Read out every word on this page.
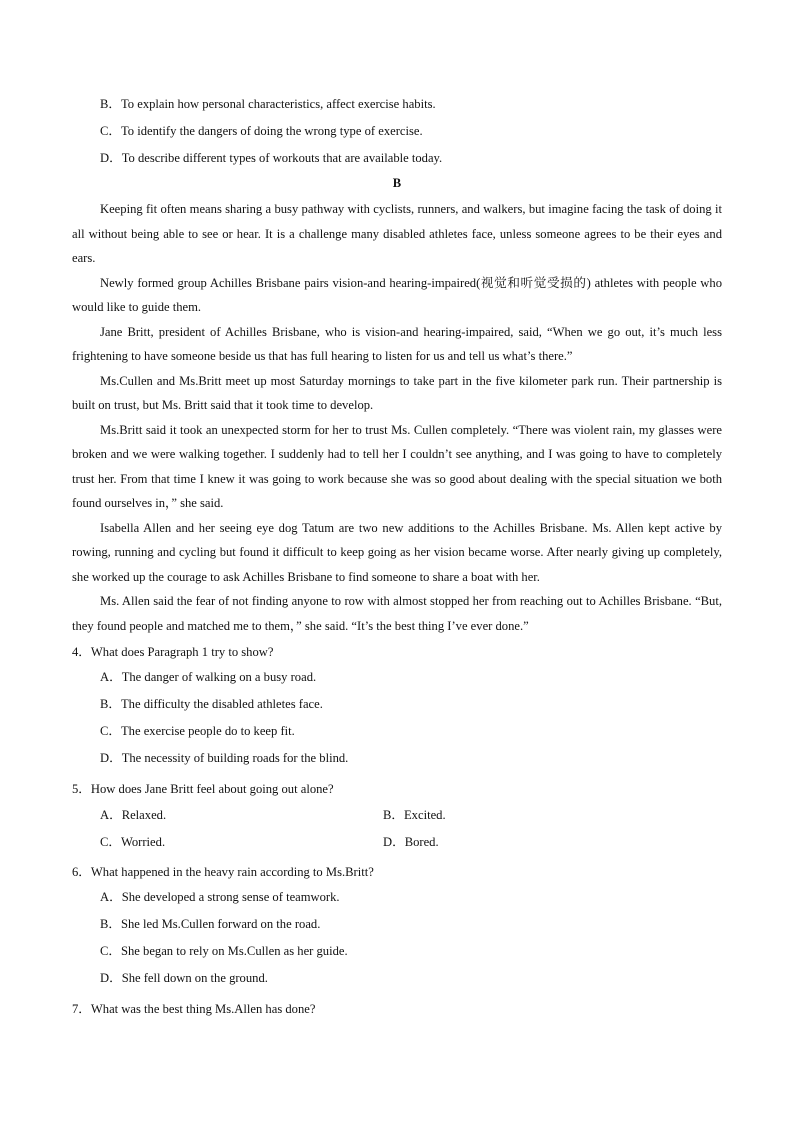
B．To explain how personal characteristics, affect exercise habits.
C．To identify the dangers of doing the wrong type of exercise.
D．To describe different types of workouts that are available today.
B

Keeping fit often means sharing a busy pathway with cyclists, runners, and walkers, but imagine facing the task of doing it all without being able to see or hear. It is a challenge many disabled athletes face, unless someone agrees to be their eyes and ears.

Newly formed group Achilles Brisbane pairs vision-and hearing-impaired(视觉和听觉受损的) athletes with people who would like to guide them.

Jane Britt, president of Achilles Brisbane, who is vision-and hearing-impaired, said, “When we go out, it’s much less frightening to have someone beside us that has full hearing to listen for us and tell us what’s there.”

Ms.Cullen and Ms.Britt meet up most Saturday mornings to take part in the five kilometer park run. Their partnership is built on trust, but Ms. Britt said that it took time to develop.

Ms.Britt said it took an unexpected storm for her to trust Ms. Cullen completely. “There was violent rain, my glasses were broken and we were walking together. I suddenly had to tell her I couldn’t see anything, and I was going to have to completely trust her. From that time I knew it was going to work because she was so good about dealing with the special situation we both found ourselves in，” she said.

Isabella Allen and her seeing eye dog Tatum are two new additions to the Achilles Brisbane. Ms. Allen kept active by rowing, running and cycling but found it difficult to keep going as her vision became worse. After nearly giving up completely, she worked up the courage to ask Achilles Brisbane to find someone to share a boat with her.

Ms. Allen said the fear of not finding anyone to row with almost stopped her from reaching out to Achilles Brisbane. “But, they found people and matched me to them，” she said. “It’s the best thing I’ve ever done.”

4．What does Paragraph 1 try to show?
A．The danger of walking on a busy road.
B．The difficulty the disabled athletes face.
C．The exercise people do to keep fit.
D．The necessity of building roads for the blind.
5．How does Jane Britt feel about going out alone?
A．Relaxed.	B．Excited.
C．Worried.	D．Bored.
6．What happened in the heavy rain according to Ms.Britt?
A．She developed a strong sense of teamwork.
B．She led Ms.Cullen forward on the road.
C．She began to rely on Ms.Cullen as her guide.
D．She fell down on the ground.
7．What was the best thing Ms.Allen has done?
